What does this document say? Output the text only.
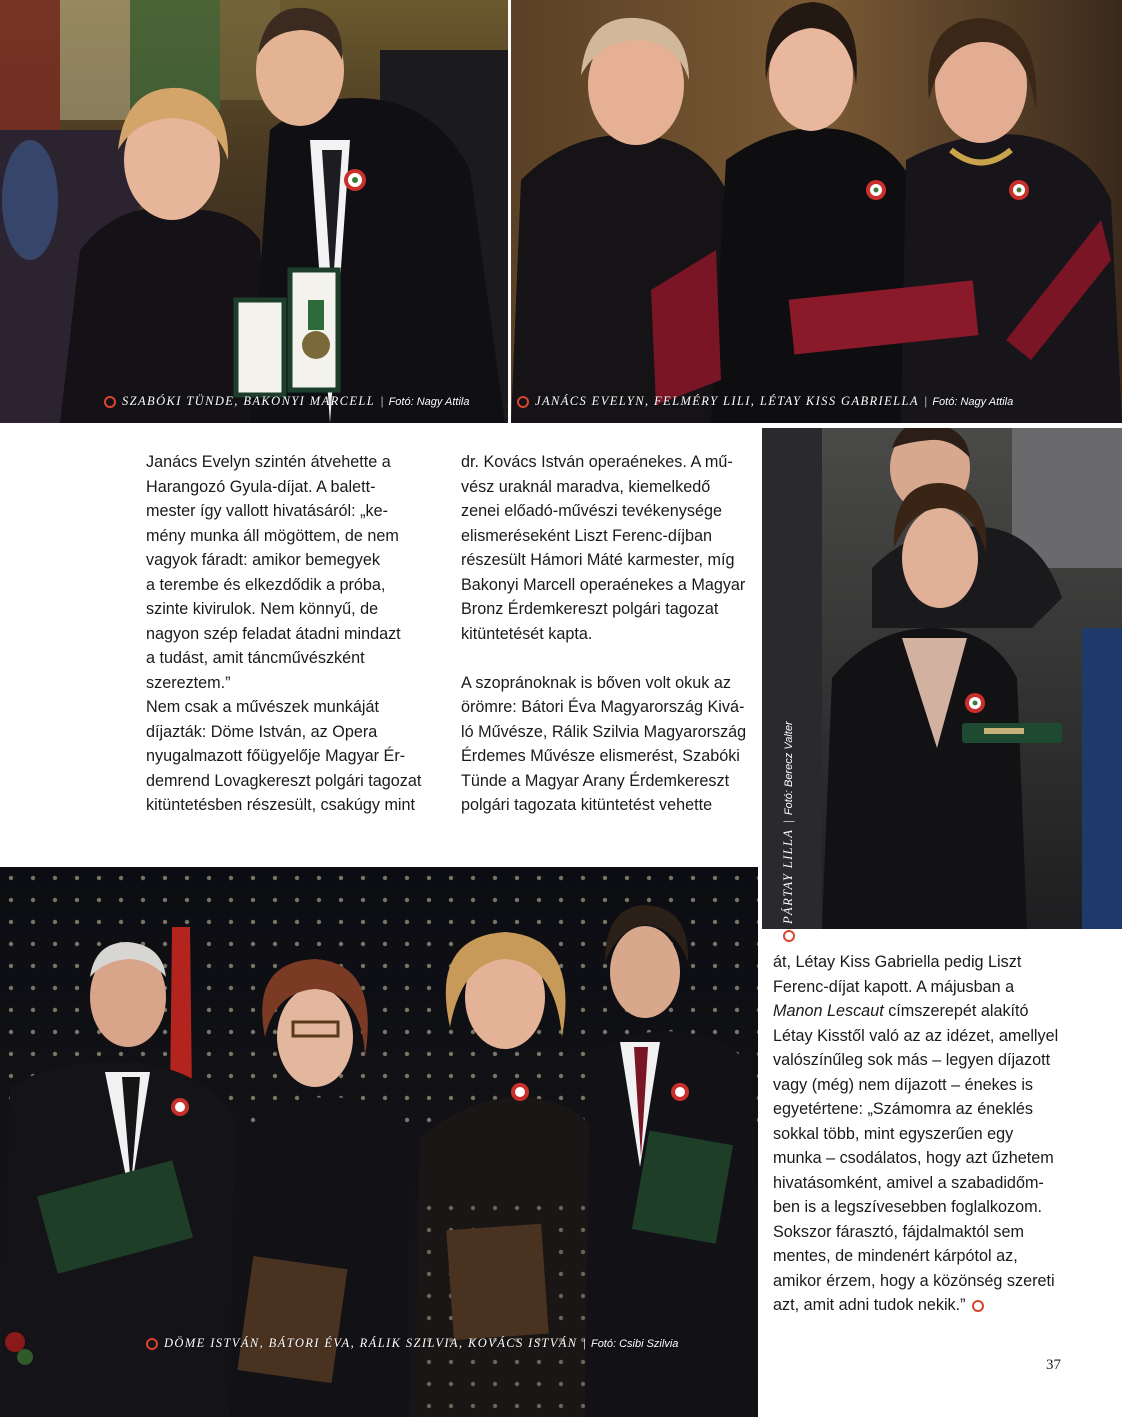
SZABÓKI TÜNDE, BAKONYI MARCELL | Fotó: Nagy Attila	JANÁCS EVELYN, FELMÉRY LILI, LÉTAY KISS GABRIELLA | Fotó: Nagy Attila
PÁRTAY LILLA
|
Fotó: Berecz Valter
DÖME ISTVÁN, BÁTORI ÉVA, RÁLIK SZILVIA, KOVÁCS ISTVÁN | Fotó: Csibi Szilvia
Janács Evelyn szintén átvehette a
Harangozó Gyula-díjat. A balett-
mester így vallott hivatásáról: „ke-
mény munka áll mögöttem, de nem
vagyok fáradt: amikor bemegyek
a terembe és elkezdődik a próba,
szinte kivirulok. Nem könnyű, de
nagyon szép feladat átadni mindazt
a tudást, amit táncművészként
szereztem.”
Nem csak a művészek munkáját
díjazták: Döme István, az Opera
nyugalmazott főügyelője Magyar Ér-
demrend Lovagkereszt polgári tagozat
kitüntetésben részesült, csakúgy mint
dr. Kovács István operaénekes. A mű-
vész uraknál maradva, kiemelkedő
zenei előadó-művészi tevékenysége
elismeréseként Liszt Ferenc-díjban
részesült Hámori Máté karmester, míg
Bakonyi Marcell operaénekes a Magyar
Bronz Érdemkereszt polgári tagozat
kitüntetését kapta.
A szopránoknak is bőven volt okuk az
örömre: Bátori Éva Magyarország Kivá-
ló Művésze, Rálik Szilvia Magyarország
Érdemes Művésze elismerést, Szabóki
Tünde a Magyar Arany Érdemkereszt
polgári tagozata kitüntetést vehette
át, Létay Kiss Gabriella pedig Liszt
Ferenc-díjat kapott. A májusban a
Manon Lescaut címszerepét alakító
Létay Kisstől való az az idézet, amellyel
valószínűleg sok más – legyen díjazott
vagy (még) nem díjazott – énekes is
egyetértene: „Számomra az éneklés
sokkal több, mint egyszerűen egy
munka – csodálatos, hogy azt űzhetem
hivatásomként, amivel a szabadidőm-
ben is a legszívesebben foglalkozom.
Sokszor fárasztó, fájdalmaktól sem
mentes, de mindenért kárpótol az,
amikor érzem, hogy a közönség szereti
azt, amit adni tudok nekik.”
37
